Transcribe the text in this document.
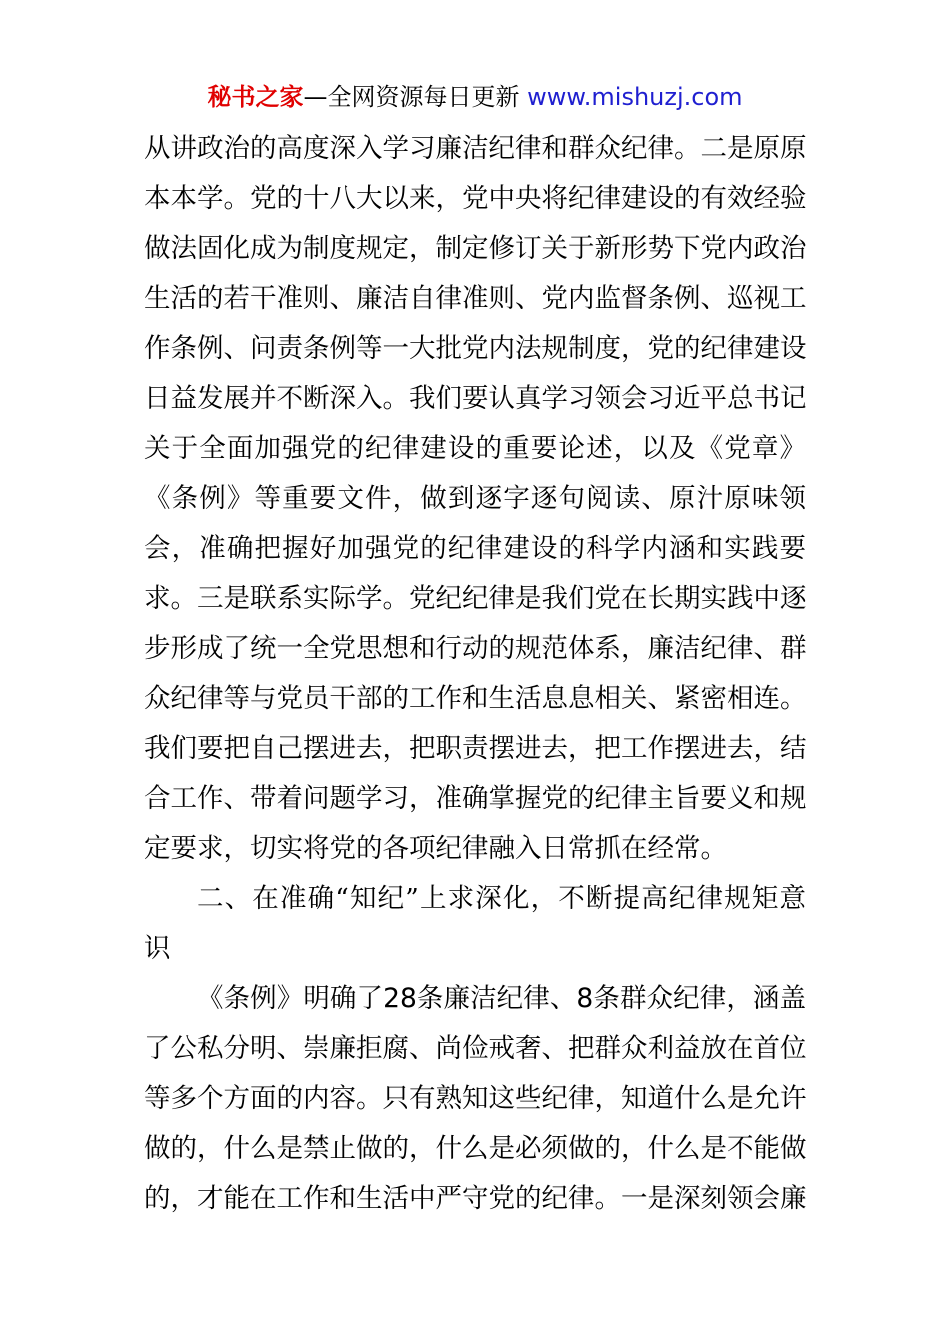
秘书之家—全网资源每日更新 www.mishuzj.com
从讲政治的高度深入学习廉洁纪律和群众纪律。二是原原
本本学。党的十八大以来，党中央将纪律建设的有效经验
做法固化成为制度规定，制定修订关于新形势下党内政治
生活的若干准则、廉洁自律准则、党内监督条例、巡视工
作条例、问责条例等一大批党内法规制度，党的纪律建设
日益发展并不断深入。我们要认真学习领会习近平总书记
关于全面加强党的纪律建设的重要论述，以及《党章》
《条例》等重要文件，做到逐字逐句阅读、原汁原味领
会，准确把握好加强党的纪律建设的科学内涵和实践要
求。三是联系实际学。党纪纪律是我们党在长期实践中逐
步形成了统一全党思想和行动的规范体系，廉洁纪律、群
众纪律等与党员干部的工作和生活息息相关、紧密相连。
我们要把自己摆进去，把职责摆进去，把工作摆进去，结
合工作、带着问题学习，准确掌握党的纪律主旨要义和规
定要求，切实将党的各项纪律融入日常抓在经常。
二、在准确“知纪”上求深化，不断提高纪律规矩意
识
《条例》明确了28条廉洁纪律、8条群众纪律，涵盖
了公私分明、崇廉拒腐、尚俭戒奢、把群众利益放在首位
等多个方面的内容。只有熟知这些纪律，知道什么是允许
做的，什么是禁止做的，什么是必须做的，什么是不能做
的，才能在工作和生活中严守党的纪律。一是深刻领会廉
